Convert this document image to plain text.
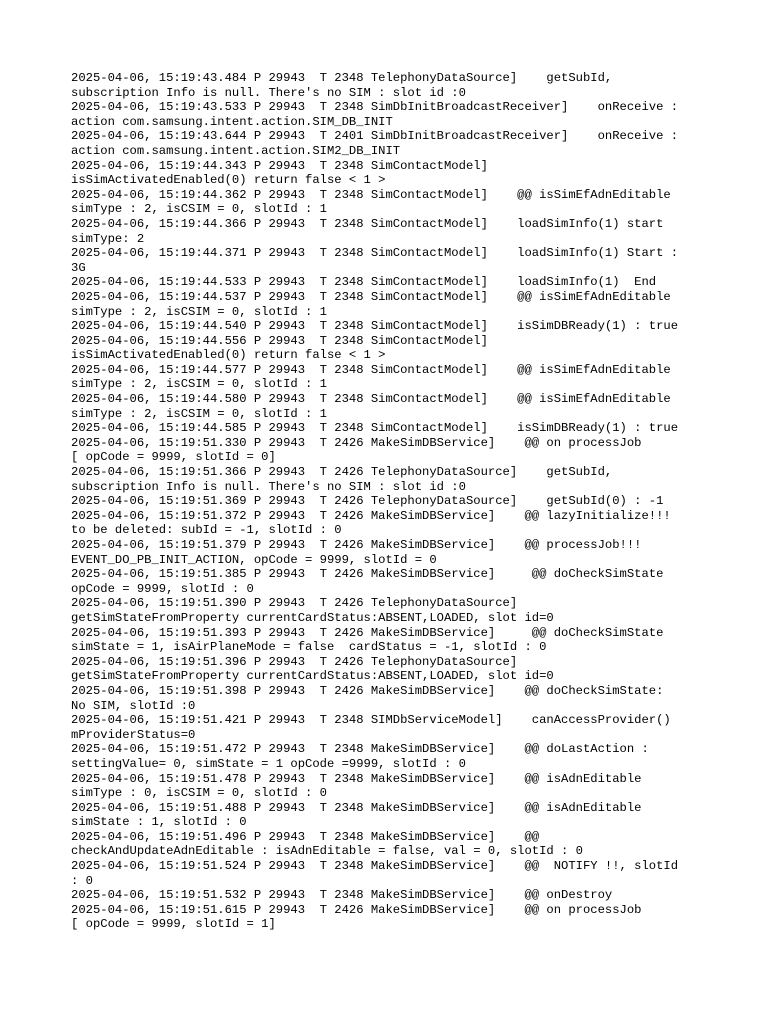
2025-04-06, 15:19:43.484 P 29943  T 2348 TelephonyDataSource]    getSubId,
subscription Info is null. There's no SIM : slot id :0
2025-04-06, 15:19:43.533 P 29943  T 2348 SimDbInitBroadcastReceiver]    onReceive :
action com.samsung.intent.action.SIM_DB_INIT
2025-04-06, 15:19:43.644 P 29943  T 2401 SimDbInitBroadcastReceiver]    onReceive :
action com.samsung.intent.action.SIM2_DB_INIT
2025-04-06, 15:19:44.343 P 29943  T 2348 SimContactModel]
isSimActivatedEnabled(0) return false < 1 >
2025-04-06, 15:19:44.362 P 29943  T 2348 SimContactModel]    @@ isSimEfAdnEditable
simType : 2, isCSIM = 0, slotId : 1
2025-04-06, 15:19:44.366 P 29943  T 2348 SimContactModel]    loadSimInfo(1) start
simType: 2
2025-04-06, 15:19:44.371 P 29943  T 2348 SimContactModel]    loadSimInfo(1) Start :
3G
2025-04-06, 15:19:44.533 P 29943  T 2348 SimContactModel]    loadSimInfo(1)  End
2025-04-06, 15:19:44.537 P 29943  T 2348 SimContactModel]    @@ isSimEfAdnEditable
simType : 2, isCSIM = 0, slotId : 1
2025-04-06, 15:19:44.540 P 29943  T 2348 SimContactModel]    isSimDBReady(1) : true
2025-04-06, 15:19:44.556 P 29943  T 2348 SimContactModel]
isSimActivatedEnabled(0) return false < 1 >
2025-04-06, 15:19:44.577 P 29943  T 2348 SimContactModel]    @@ isSimEfAdnEditable
simType : 2, isCSIM = 0, slotId : 1
2025-04-06, 15:19:44.580 P 29943  T 2348 SimContactModel]    @@ isSimEfAdnEditable
simType : 2, isCSIM = 0, slotId : 1
2025-04-06, 15:19:44.585 P 29943  T 2348 SimContactModel]    isSimDBReady(1) : true
2025-04-06, 15:19:51.330 P 29943  T 2426 MakeSimDBService]    @@ on processJob
[ opCode = 9999, slotId = 0]
2025-04-06, 15:19:51.366 P 29943  T 2426 TelephonyDataSource]    getSubId,
subscription Info is null. There's no SIM : slot id :0
2025-04-06, 15:19:51.369 P 29943  T 2426 TelephonyDataSource]    getSubId(0) : -1
2025-04-06, 15:19:51.372 P 29943  T 2426 MakeSimDBService]    @@ lazyInitialize!!!
to be deleted: subId = -1, slotId : 0
2025-04-06, 15:19:51.379 P 29943  T 2426 MakeSimDBService]    @@ processJob!!!
EVENT_DO_PB_INIT_ACTION, opCode = 9999, slotId = 0
2025-04-06, 15:19:51.385 P 29943  T 2426 MakeSimDBService]     @@ doCheckSimState
opCode = 9999, slotId : 0
2025-04-06, 15:19:51.390 P 29943  T 2426 TelephonyDataSource]
getSimStateFromProperty currentCardStatus:ABSENT,LOADED, slot id=0
2025-04-06, 15:19:51.393 P 29943  T 2426 MakeSimDBService]     @@ doCheckSimState
simState = 1, isAirPlaneMode = false  cardStatus = -1, slotId : 0
2025-04-06, 15:19:51.396 P 29943  T 2426 TelephonyDataSource]
getSimStateFromProperty currentCardStatus:ABSENT,LOADED, slot id=0
2025-04-06, 15:19:51.398 P 29943  T 2426 MakeSimDBService]    @@ doCheckSimState:
No SIM, slotId :0
2025-04-06, 15:19:51.421 P 29943  T 2348 SIMDbServiceModel]    canAccessProvider()
mProviderStatus=0
2025-04-06, 15:19:51.472 P 29943  T 2348 MakeSimDBService]    @@ doLastAction :
settingValue= 0, simState = 1 opCode =9999, slotId : 0
2025-04-06, 15:19:51.478 P 29943  T 2348 MakeSimDBService]    @@ isAdnEditable
simType : 0, isCSIM = 0, slotId : 0
2025-04-06, 15:19:51.488 P 29943  T 2348 MakeSimDBService]    @@ isAdnEditable
simState : 1, slotId : 0
2025-04-06, 15:19:51.496 P 29943  T 2348 MakeSimDBService]    @@
checkAndUpdateAdnEditable : isAdnEditable = false, val = 0, slotId : 0
2025-04-06, 15:19:51.524 P 29943  T 2348 MakeSimDBService]    @@  NOTIFY !!, slotId
: 0
2025-04-06, 15:19:51.532 P 29943  T 2348 MakeSimDBService]    @@ onDestroy
2025-04-06, 15:19:51.615 P 29943  T 2426 MakeSimDBService]    @@ on processJob
[ opCode = 9999, slotId = 1]
